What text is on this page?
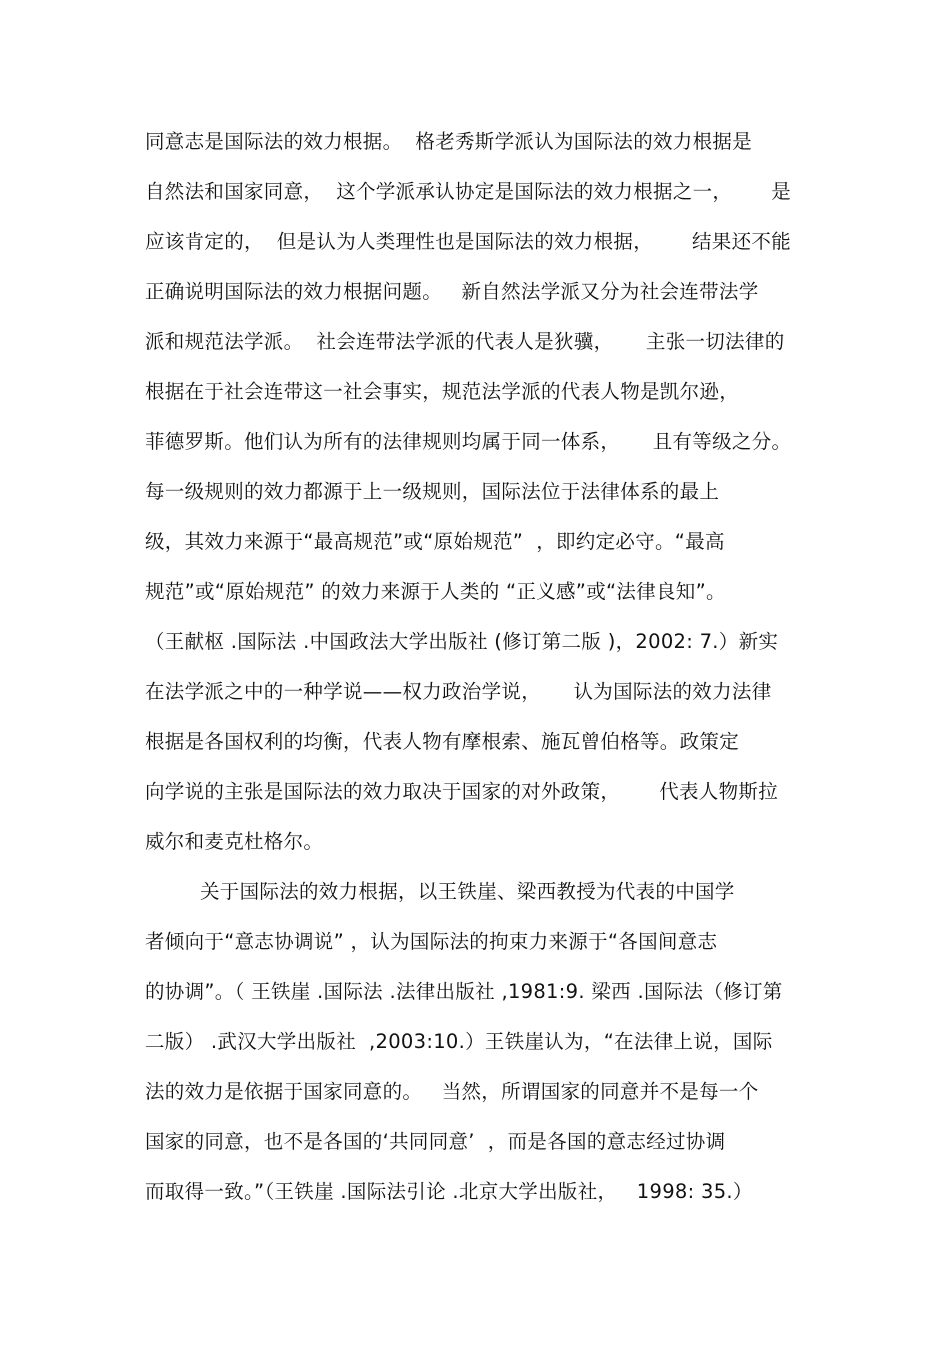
同意志是国际法的效力根据。  格老秀斯学派认为国际法的效力根据是
自然法和国家同意，  这个学派承认协定是国际法的效力根据之一，      是
应该肯定的，  但是认为人类理性也是国际法的效力根据，      结果还不能
正确说明国际法的效力根据问题。   新自然法学派又分为社会连带法学
派和规范法学派。  社会连带法学派的代表人是狄骥，     主张一切法律的
根据在于社会连带这一社会事实，规范法学派的代表人物是凯尔逊，
菲德罗斯。他们认为所有的法律规则均属于同一体系，     且有等级之分。
每一级规则的效力都源于上一级规则，国际法位于法律体系的最上
级，其效力来源于“最高规范”或“原始规范”  ，即约定必守。“最高
规范”或“原始规范” 的效力来源于人类的 “正义感”或“法律良知”。
（王献枢 .国际法 .中国政法大学出版社 (修订第二版 )，2002: 7.）新实
在法学派之中的一种学说——权力政治学说，     认为国际法的效力法律
根据是各国权利的均衡，代表人物有摩根索、施瓦曾伯格等。政策定
向学说的主张是国际法的效力取决于国家的对外政策，      代表人物斯拉
威尔和麦克杜格尔。
关于国际法的效力根据，以王铁崖、梁西教授为代表的中国学
者倾向于“意志协调说” ，认为国际法的拘束力来源于“各国间意志
的协调”。（ 王铁崖 .国际法 .法律出版社 ,1981:9. 梁西 .国际法（修订第
二版） .武汉大学出版社  ,2003:10.）王铁崖认为，“在法律上说，国际
法的效力是依据于国家同意的。   当然，所谓国家的同意并不是每一个
国家的同意，也不是各国的‘共同同意’  ，而是各国的意志经过协调
而取得一致。”（王铁崖 .国际法引论 .北京大学出版社，   1998: 35.）
